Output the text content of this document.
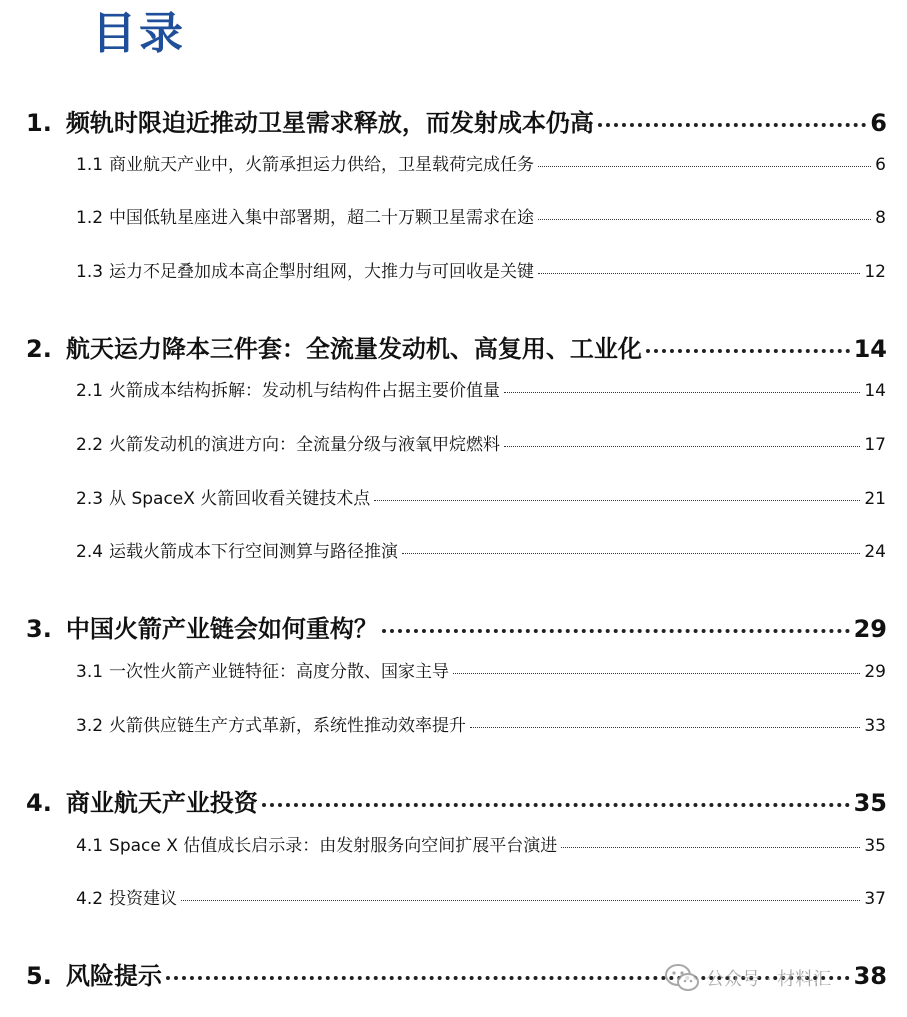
目录
1. 频轨时限迫近推动卫星需求释放，而发射成本仍高	6
1.1 商业航天产业中，火箭承担运力供给，卫星载荷完成任务	6
1.2 中国低轨星座进入集中部署期，超二十万颗卫星需求在途	8
1.3 运力不足叠加成本高企掣肘组网，大推力与可回收是关键	12
2. 航天运力降本三件套：全流量发动机、高复用、工业化	14
2.1 火箭成本结构拆解：发动机与结构件占据主要价值量	14
2.2 火箭发动机的演进方向：全流量分级与液氧甲烷燃料	17
2.3 从 SpaceX 火箭回收看关键技术点	21
2.4 运载火箭成本下行空间测算与路径推演	24
3. 中国火箭产业链会如何重构？	29
3.1 一次性火箭产业链特征：高度分散、国家主导	29
3.2 火箭供应链生产方式革新，系统性推动效率提升	33
4. 商业航天产业投资	35
4.1 Space X 估值成长启示录：由发射服务向空间扩展平台演进	35
4.2 投资建议	37
5. 风险提示	38
公众号 · 材料汇
